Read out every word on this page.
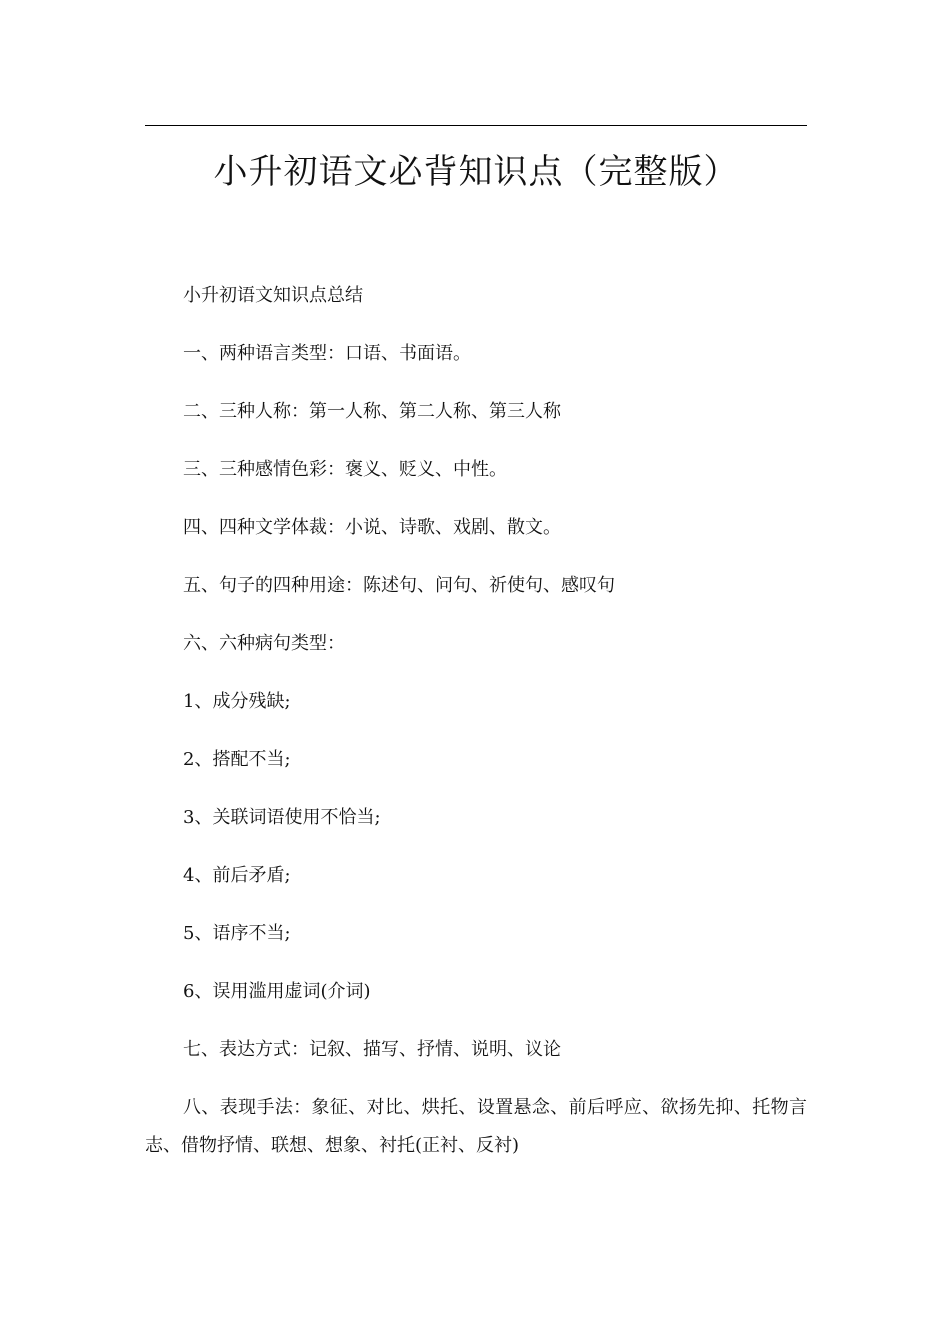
小升初语文必背知识点（完整版）

小升初语文知识点总结

一、两种语言类型：口语、书面语。

二、三种人称：第一人称、第二人称、第三人称

三、三种感情色彩：褒义、贬义、中性。

四、四种文学体裁：小说、诗歌、戏剧、散文。

五、句子的四种用途：陈述句、问句、祈使句、感叹句

六、六种病句类型：

1、成分残缺;

2、搭配不当;

3、关联词语使用不恰当;

4、前后矛盾;

5、语序不当;

6、误用滥用虚词(介词)

七、表达方式：记叙、描写、抒情、说明、议论

八、表现手法：象征、对比、烘托、设置悬念、前后呼应、欲扬先抑、托物言志、借物抒情、联想、想象、衬托(正衬、反衬)
